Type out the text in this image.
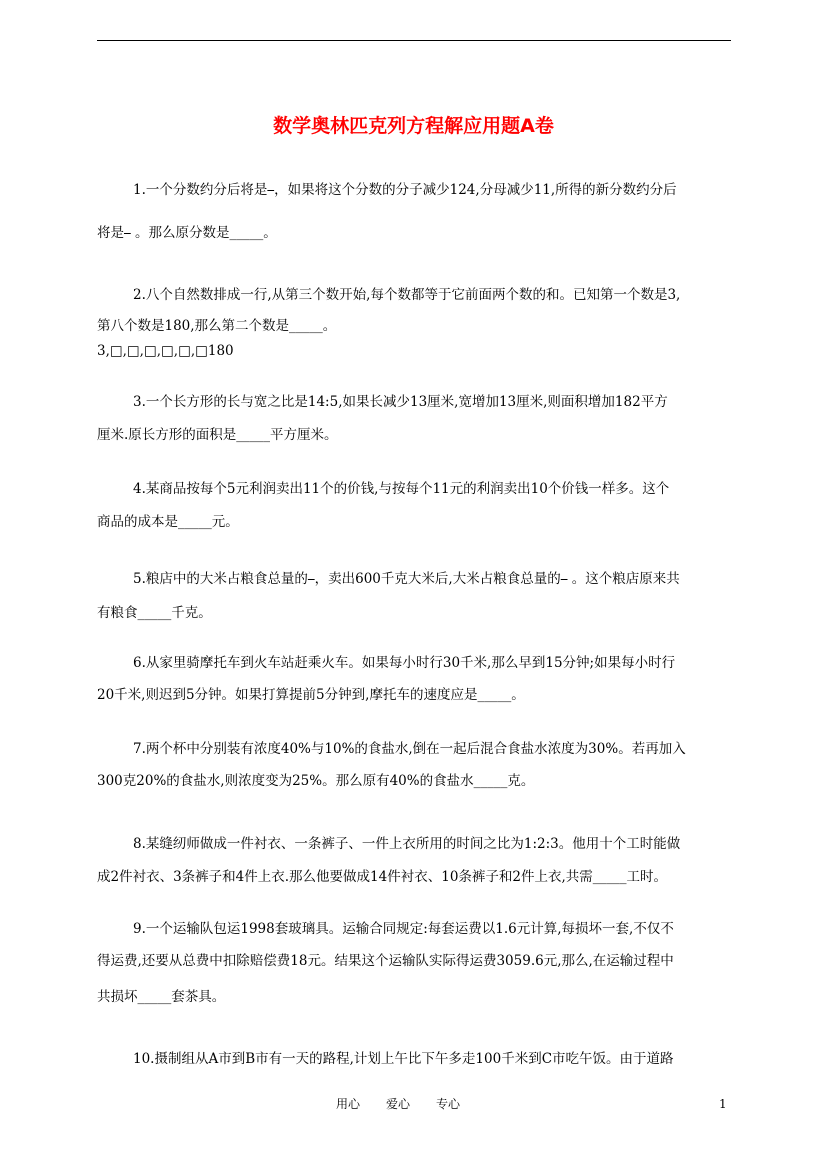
数学奥林匹克列方程解应用题A卷
1.一个分数约分后将是⎯，如果将这个分数的分子减少124,分母减少11,所得的新分数约分后
将是⎯ 。那么原分数是_____。
2.八个自然数排成一行,从第三个数开始,每个数都等于它前面两个数的和。已知第一个数是3,
第八个数是180,那么第二个数是_____。
3,□,□,□,□,□,□180
3.一个长方形的长与宽之比是14:5,如果长减少13厘米,宽增加13厘米,则面积增加182平方
厘米.原长方形的面积是_____平方厘米。
4.某商品按每个5元利润卖出11个的价钱,与按每个11元的利润卖出10个价钱一样多。这个
商品的成本是_____元。
5.粮店中的大米占粮食总量的⎯，卖出600千克大米后,大米占粮食总量的⎯ 。这个粮店原来共
有粮食_____千克。
6.从家里骑摩托车到火车站赶乘火车。如果每小时行30千米,那么早到15分钟;如果每小时行
20千米,则迟到5分钟。如果打算提前5分钟到,摩托车的速度应是_____。
7.两个杯中分别装有浓度40%与10%的食盐水,倒在一起后混合食盐水浓度为30%。若再加入
300克20%的食盐水,则浓度变为25%。那么原有40%的食盐水_____克。
8.某缝纫师做成一件衬衣、一条裤子、一件上衣所用的时间之比为1:2:3。他用十个工时能做
成2件衬衣、3条裤子和4件上衣.那么他要做成14件衬衣、10条裤子和2件上衣,共需_____工时。
9.一个运输队包运1998套玻璃具。运输合同规定:每套运费以1.6元计算,每损坏一套,不仅不
得运费,还要从总费中扣除赔偿费18元。结果这个运输队实际得运费3059.6元,那么,在运输过程中
共损坏_____套茶具。
10.摄制组从A市到B市有一天的路程,计划上午比下午多走100千米到C市吃午饭。由于道路
用心 爱心 专心	1
